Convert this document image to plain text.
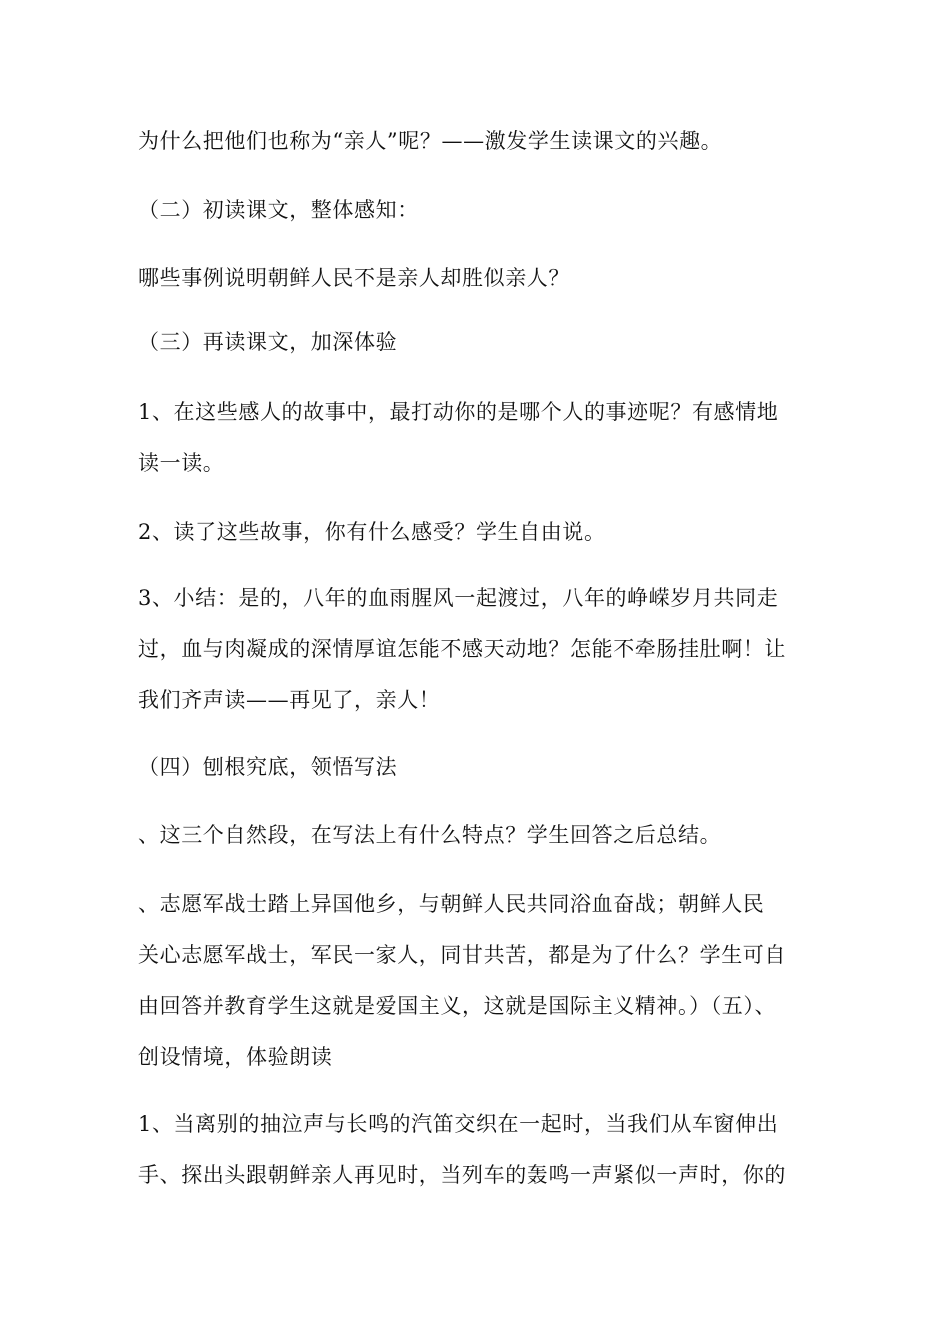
为什么把他们也称为“亲人”呢？——激发学生读课文的兴趣。
（二）初读课文，整体感知：
哪些事例说明朝鲜人民不是亲人却胜似亲人？
（三）再读课文，加深体验
1、在这些感人的故事中，最打动你的是哪个人的事迹呢？有感情地
读一读。
2、读了这些故事，你有什么感受？学生自由说。
3、小结：是的，八年的血雨腥风一起渡过，八年的峥嵘岁月共同走
过，血与肉凝成的深情厚谊怎能不感天动地？怎能不牵肠挂肚啊！让
我们齐声读——再见了，亲人！
（四）刨根究底，领悟写法
、这三个自然段，在写法上有什么特点？学生回答之后总结。
、志愿军战士踏上异国他乡，与朝鲜人民共同浴血奋战；朝鲜人民
关心志愿军战士，军民一家人，同甘共苦，都是为了什么？学生可自
由回答并教育学生这就是爱国主义，这就是国际主义精神。）（五）、
创设情境，体验朗读
1、当离别的抽泣声与长鸣的汽笛交织在一起时，当我们从车窗伸出
手、探出头跟朝鲜亲人再见时，当列车的轰鸣一声紧似一声时，你的
